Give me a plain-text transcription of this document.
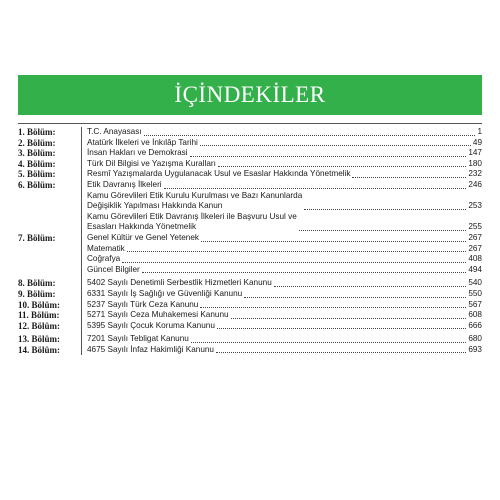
İÇİNDEKİLER
1. Bölüm:	T.C. Anayasası	1
2. Bölüm:	Atatürk İlkeleri ve İnkılâp Tarihi	49
3. Bölüm:	İnsan Hakları ve Demokrasi	147
4. Bölüm:	Türk Dil Bilgisi ve Yazışma Kuralları	180
5. Bölüm:	Resmî Yazışmalarda Uygulanacak Usul ve Esaslar Hakkında Yönetmelik	232
6. Bölüm:	Etik Davranış İlkeleri	246
Kamu Görevlileri Etik Kurulu Kurulması ve Bazı Kanunlarda
Değişiklik Yapılması Hakkında Kanun	253
Kamu Görevlileri Etik Davranış İlkeleri ile Başvuru Usul ve
Esasları Hakkında Yönetmelik	255
7. Bölüm:	Genel Kültür ve Genel Yetenek	267
Matematik	267
Coğrafya	408
Güncel Bilgiler	494
8. Bölüm:	5402 Sayılı Denetimli Serbestlik Hizmetleri Kanunu	540
9. Bölüm:	6331 Sayılı İş Sağlığı ve Güvenliği Kanunu	550
10. Bölüm:	5237 Sayılı Türk Ceza Kanunu	567
11. Bölüm:	5271 Sayılı Ceza Muhakemesi Kanunu	608
12. Bölüm:	5395 Sayılı Çocuk Koruma Kanunu	666
13. Bölüm:	7201 Sayılı Tebligat Kanunu	680
14. Bölüm:	4675 Sayılı İnfaz Hakimliği Kanunu	693
